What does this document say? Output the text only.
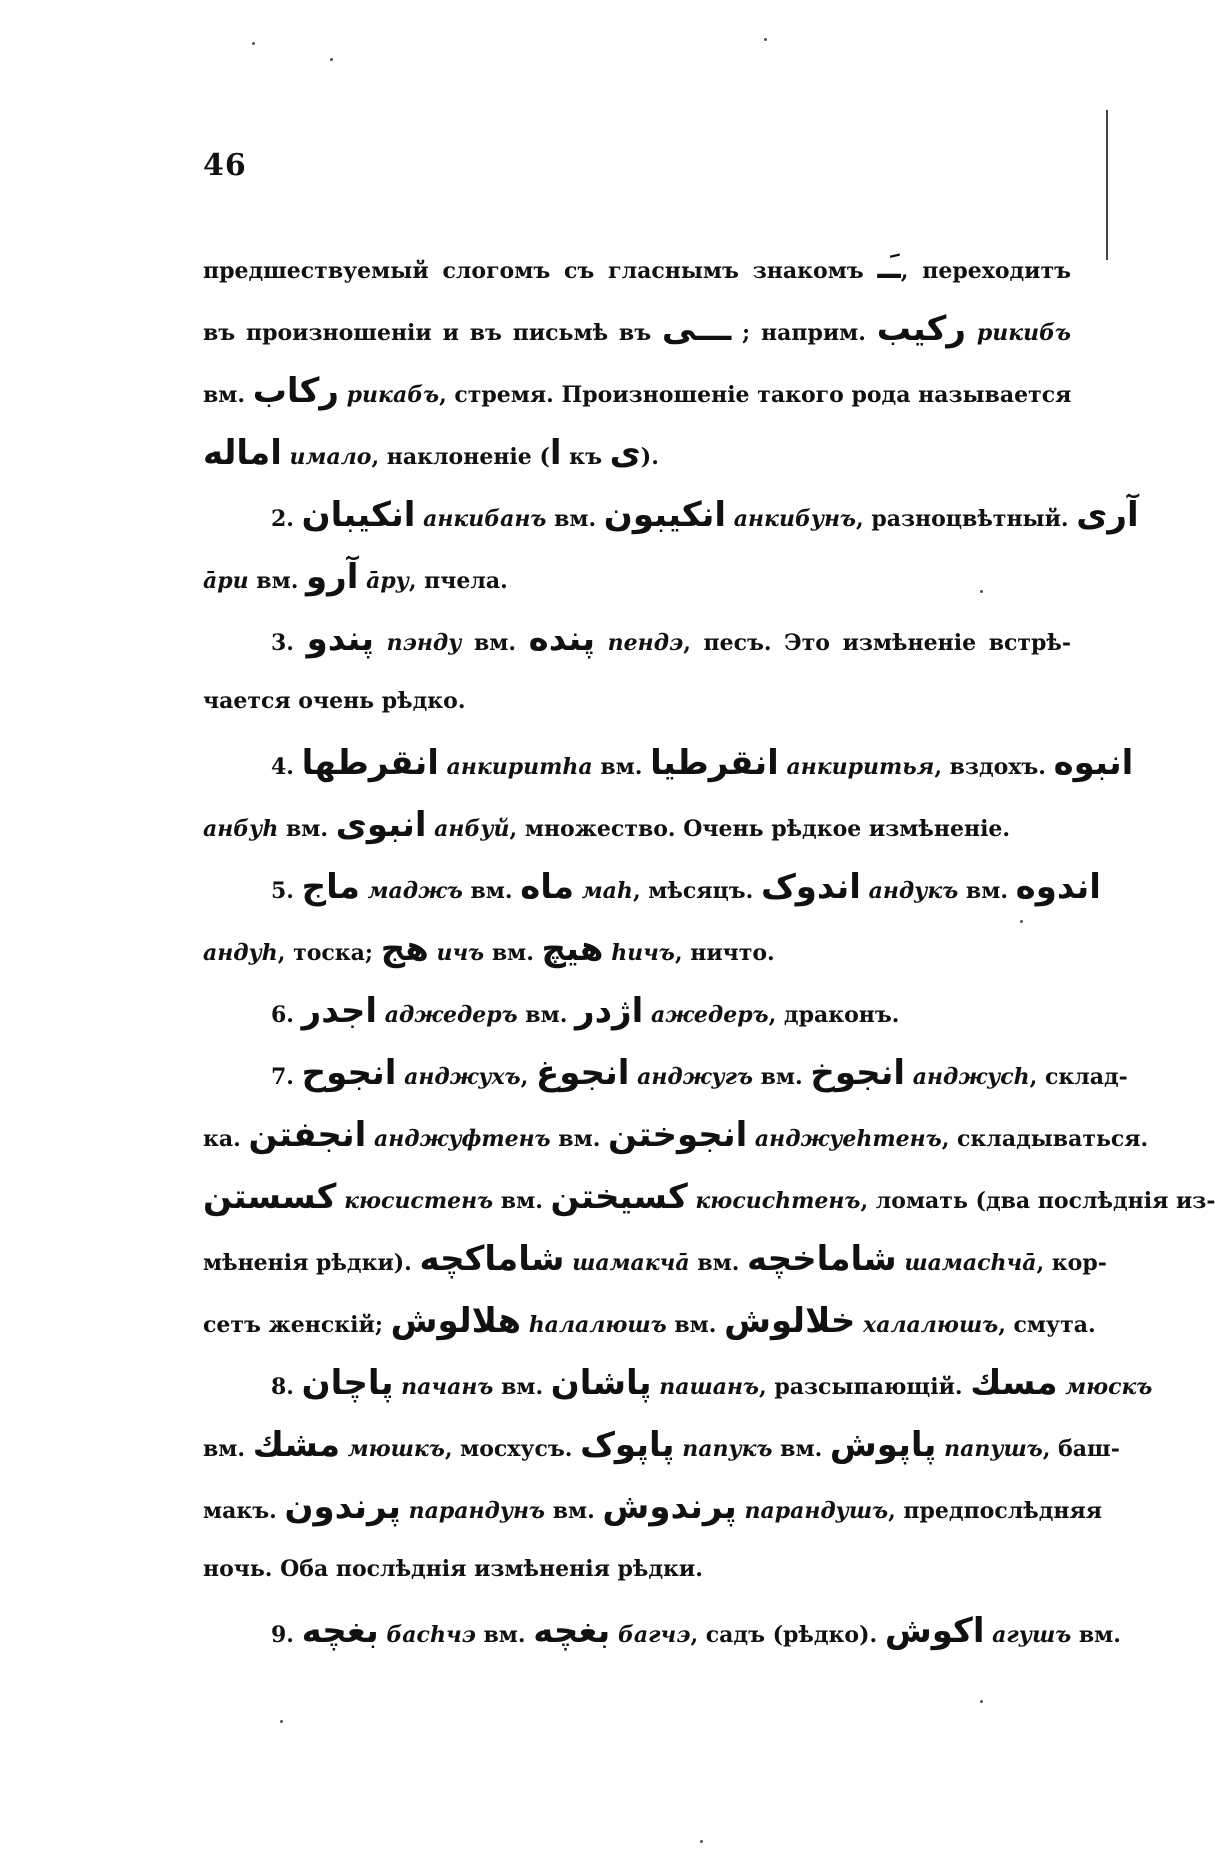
46
предшествуемый слогомъ съ гласнымъ знакомъ ـَـ, переходитъ
въ произношеніи и въ письмѣ въ ـــى ; наприм. رکیب рикибъ
вм. رکاب рикабъ, стремя. Произношеніе такого рода называется
اماله имало, наклоненіе (ا къ ى).
2. انکیبان анкибанъ вм. انکیبون анкибунъ, разноцвѣтный. آری
āри вм. آرو āру, пчела.
3. پندو пэнду вм. پنده пендэ, песъ. Это измѣненіе встрѣ-
чается очень рѣдко.
4. انقرطها анкиритhа вм. انقرطیا анкиритья, вздохъ. انبوه
анбуh вм. انبوی анбуй, множество. Очень рѣдкое измѣненіе.
5. ماج маджъ вм. ماه маh, мѣсяцъ. اندوک андукъ вм. اندوه
андуh, тоска; هج ичъ вм. هیچ hичъ, ничто.
6. اجدر аджедеръ вм. اژدر ажедеръ, драконъ.
7. انجوح анджухъ, انجوغ анджугъ вм. انجوخ анджусh, склад-
ка. انجفتن анджуфтенъ вм. انجوختن анджуеhтенъ, складываться.
کسستن кюсистенъ вм. کسیختن кюсисhтенъ, ломать (два послѣднія из-
мѣненія рѣдки). شاماکچه шамакчā вм. شاماخچه шамаchчā, кор-
сетъ женскій; هلالوش hалалюшъ вм. خلالوش халалюшъ, смута.
8. پاچان пачанъ вм. پاشان пашанъ, разсыпающій. مسك мюскъ
вм. مشك мюшкъ, мосхусъ. پاپوک папукъ вм. پاپوش папушъ, баш-
макъ. پرندون парандунъ вм. پرندوش парандушъ, предпослѣдняя
ночь. Оба послѣднія измѣненія рѣдки.
9. بغچه басhчэ вм. بغچه багчэ, садъ (рѣдко). اکوش агушъ вм.
